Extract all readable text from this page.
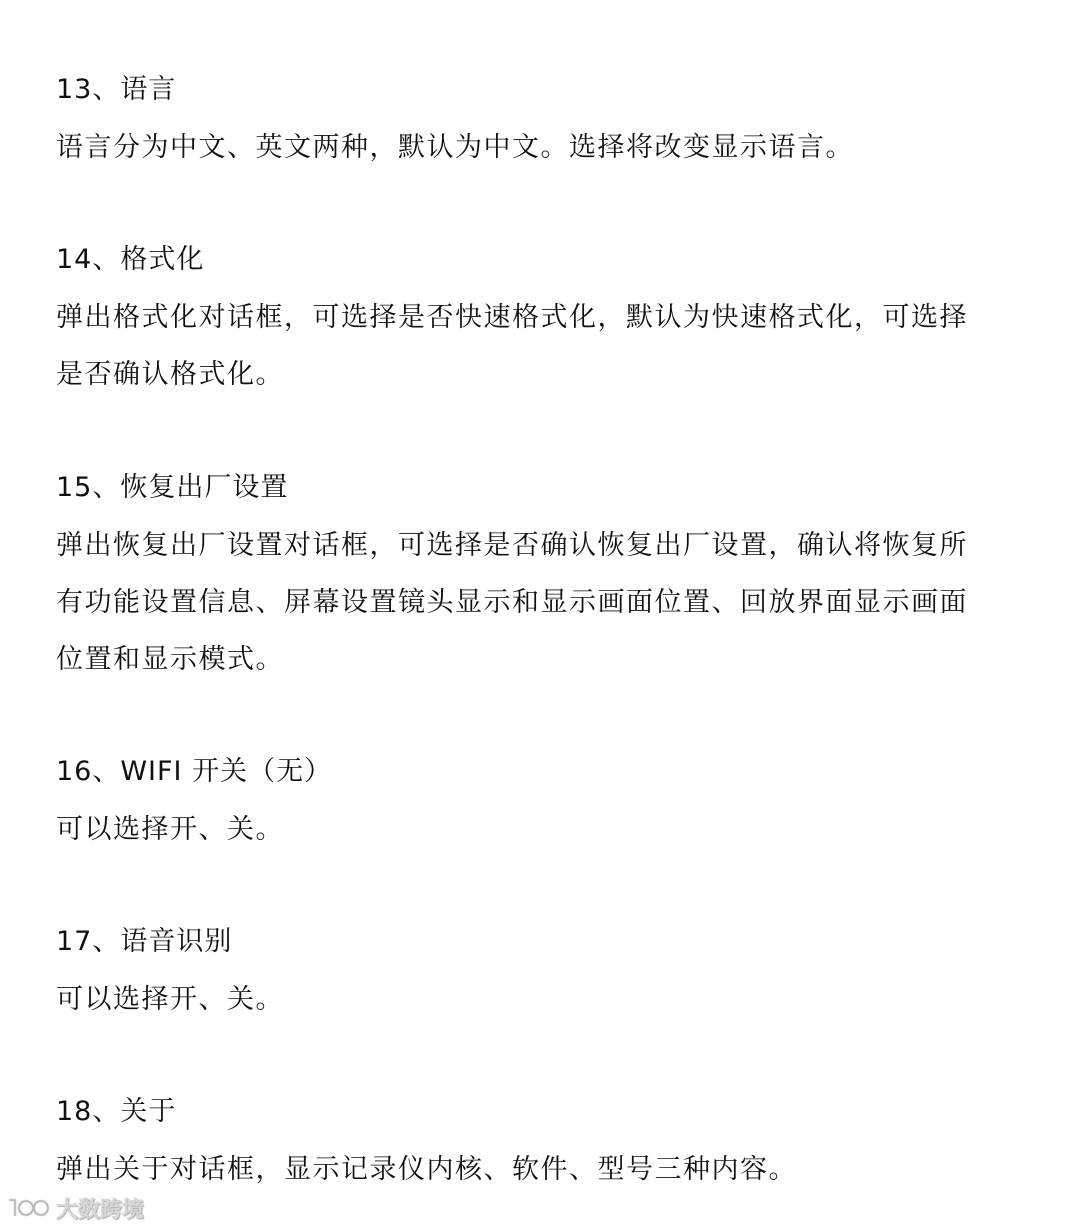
13、语言

语言分为中文、英文两种，默认为中文。选择将改变显示语言。

14、格式化

弹出格式化对话框，可选择是否快速格式化，默认为快速格式化，可选择

是否确认格式化。

15、恢复出厂设置

弹出恢复出厂设置对话框，可选择是否确认恢复出厂设置，确认将恢复所

有功能设置信息、屏幕设置镜头显示和显示画面位置、回放界面显示画面

位置和显示模式。

16、WIFI 开关（无）

可以选择开、关。

17、语音识别

可以选择开、关。

18、关于

弹出关于对话框，显示记录仪内核、软件、型号三种内容。

大数跨境
